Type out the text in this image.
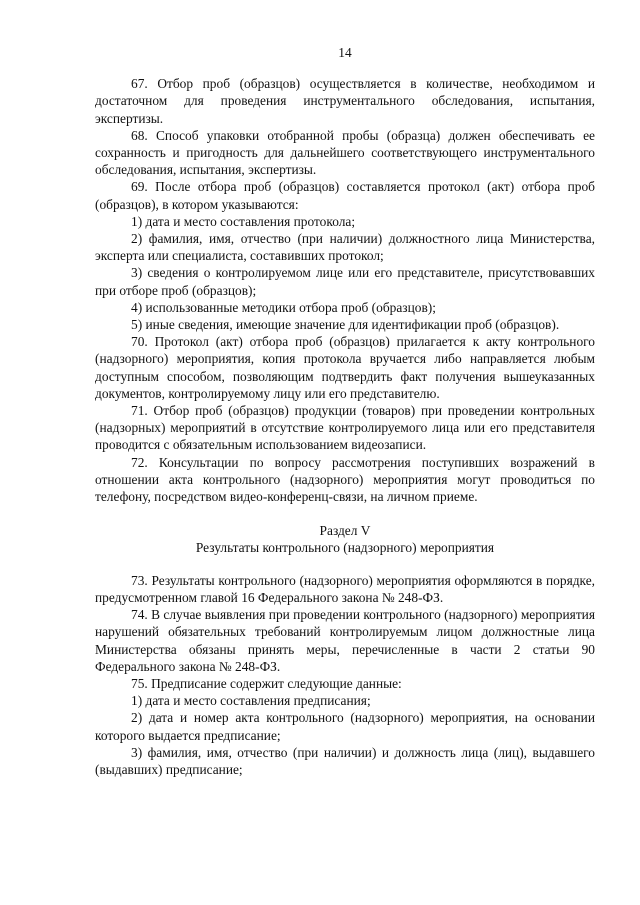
14

67. Отбор проб (образцов) осуществляется в количестве, необходимом и достаточном для проведения инструментального обследования, испытания, экспертизы.

68. Способ упаковки отобранной пробы (образца) должен обеспечивать ее сохранность и пригодность для дальнейшего соответствующего инструментального обследования, испытания, экспертизы.

69. После отбора проб (образцов) составляется протокол (акт) отбора проб (образцов), в котором указываются:

1) дата и место составления протокола;

2) фамилия, имя, отчество (при наличии) должностного лица Министерства, эксперта или специалиста, составивших протокол;

3) сведения о контролируемом лице или его представителе, присутствовавших при отборе проб (образцов);

4) использованные методики отбора проб (образцов);

5) иные сведения, имеющие значение для идентификации проб (образцов).

70. Протокол (акт) отбора проб (образцов) прилагается к акту контрольного (надзорного) мероприятия, копия протокола вручается либо направляется любым доступным способом, позволяющим подтвердить факт получения вышеуказанных документов, контролируемому лицу или его представителю.

71. Отбор проб (образцов) продукции (товаров) при проведении контрольных (надзорных) мероприятий в отсутствие контролируемого лица или его представителя проводится с обязательным использованием видеозаписи.

72. Консультации по вопросу рассмотрения поступивших возражений в отношении акта контрольного (надзорного) мероприятия могут проводиться по телефону, посредством видео-конференц-связи, на личном приеме.

Раздел V

Результаты контрольного (надзорного) мероприятия

73. Результаты контрольного (надзорного) мероприятия оформляются в порядке, предусмотренном главой 16 Федерального закона № 248-ФЗ.

74. В случае выявления при проведении контрольного (надзорного) мероприятия нарушений обязательных требований контролируемым лицом должностные лица Министерства обязаны принять меры, перечисленные в части 2 статьи 90 Федерального закона № 248-ФЗ.

75. Предписание содержит следующие данные:

1) дата и место составления предписания;

2) дата и номер акта контрольного (надзорного) мероприятия, на основании которого выдается предписание;

3) фамилия, имя, отчество (при наличии) и должность лица (лиц), выдавшего (выдавших) предписание;
